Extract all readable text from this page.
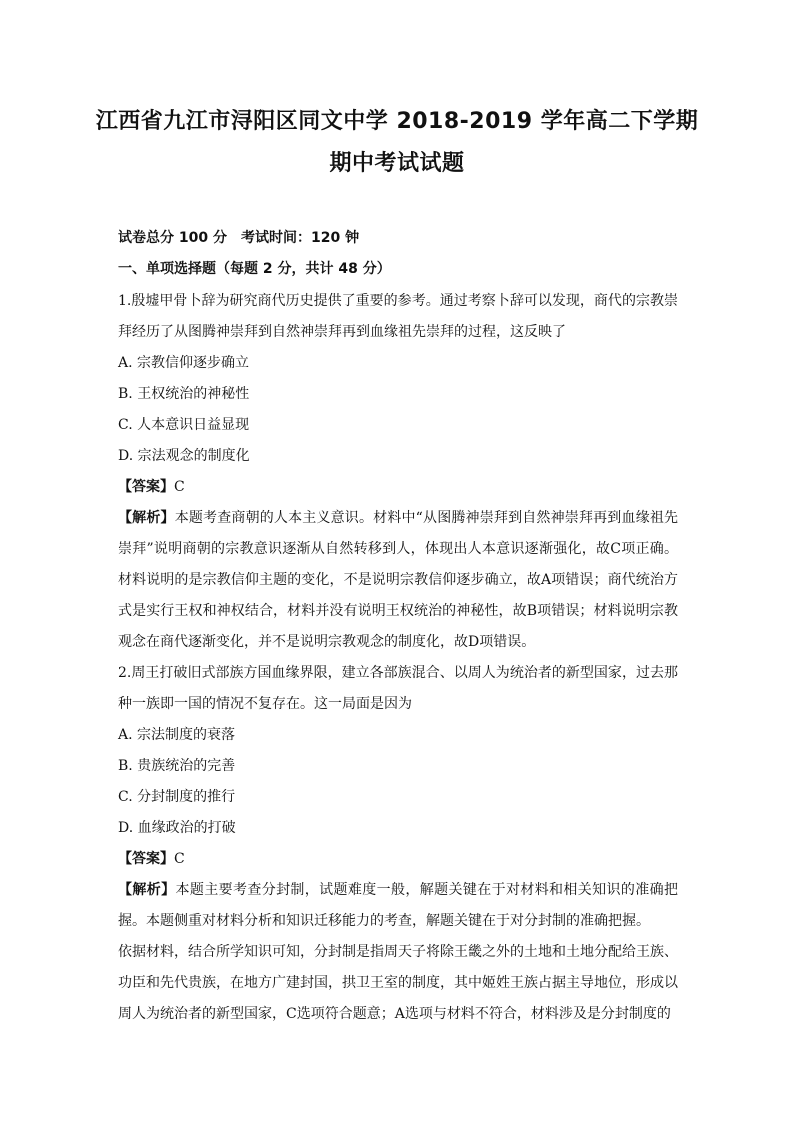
江西省九江市浔阳区同文中学 2018-2019 学年高二下学期
期中考试试题
试卷总分 100 分 考试时间：120 钟
一、单项选择题（每题 2 分，共计 48 分）

1.殷墟甲骨卜辞为研究商代历史提供了重要的参考。通过考察卜辞可以发现，商代的宗教崇拜经历了从图腾神崇拜到自然神崇拜再到血缘祖先崇拜的过程，这反映了

A. 宗教信仰逐步确立

B. 王权统治的神秘性

C. 人本意识日益显现

D. 宗法观念的制度化

【答案】C

【解析】本题考查商朝的人本主义意识。材料中“从图腾神崇拜到自然神崇拜再到血缘祖先崇拜”说明商朝的宗教意识逐渐从自然转移到人，体现出人本意识逐渐强化，故C项正确。材料说明的是宗教信仰主题的变化，不是说明宗教信仰逐步确立，故A项错误；商代统治方式是实行王权和神权结合，材料并没有说明王权统治的神秘性，故B项错误；材料说明宗教观念在商代逐渐变化，并不是说明宗教观念的制度化，故D项错误。

2.周王打破旧式部族方国血缘界限，建立各部族混合、以周人为统治者的新型国家，过去那种一族即一国的情况不复存在。这一局面是因为

A. 宗法制度的衰落

B. 贵族统治的完善

C. 分封制度的推行

D. 血缘政治的打破

【答案】C

【解析】本题主要考查分封制，试题难度一般，解题关键在于对材料和相关知识的准确把握。本题侧重对材料分析和知识迁移能力的考查，解题关键在于对分封制的准确把握。

依据材料，结合所学知识可知，分封制是指周天子将除王畿之外的土地和土地分配给王族、功臣和先代贵族，在地方广建封国，拱卫王室的制度，其中姬姓王族占据主导地位，形成以周人为统治者的新型国家，C选项符合题意；A选项与材料不符合，材料涉及是分封制度的
